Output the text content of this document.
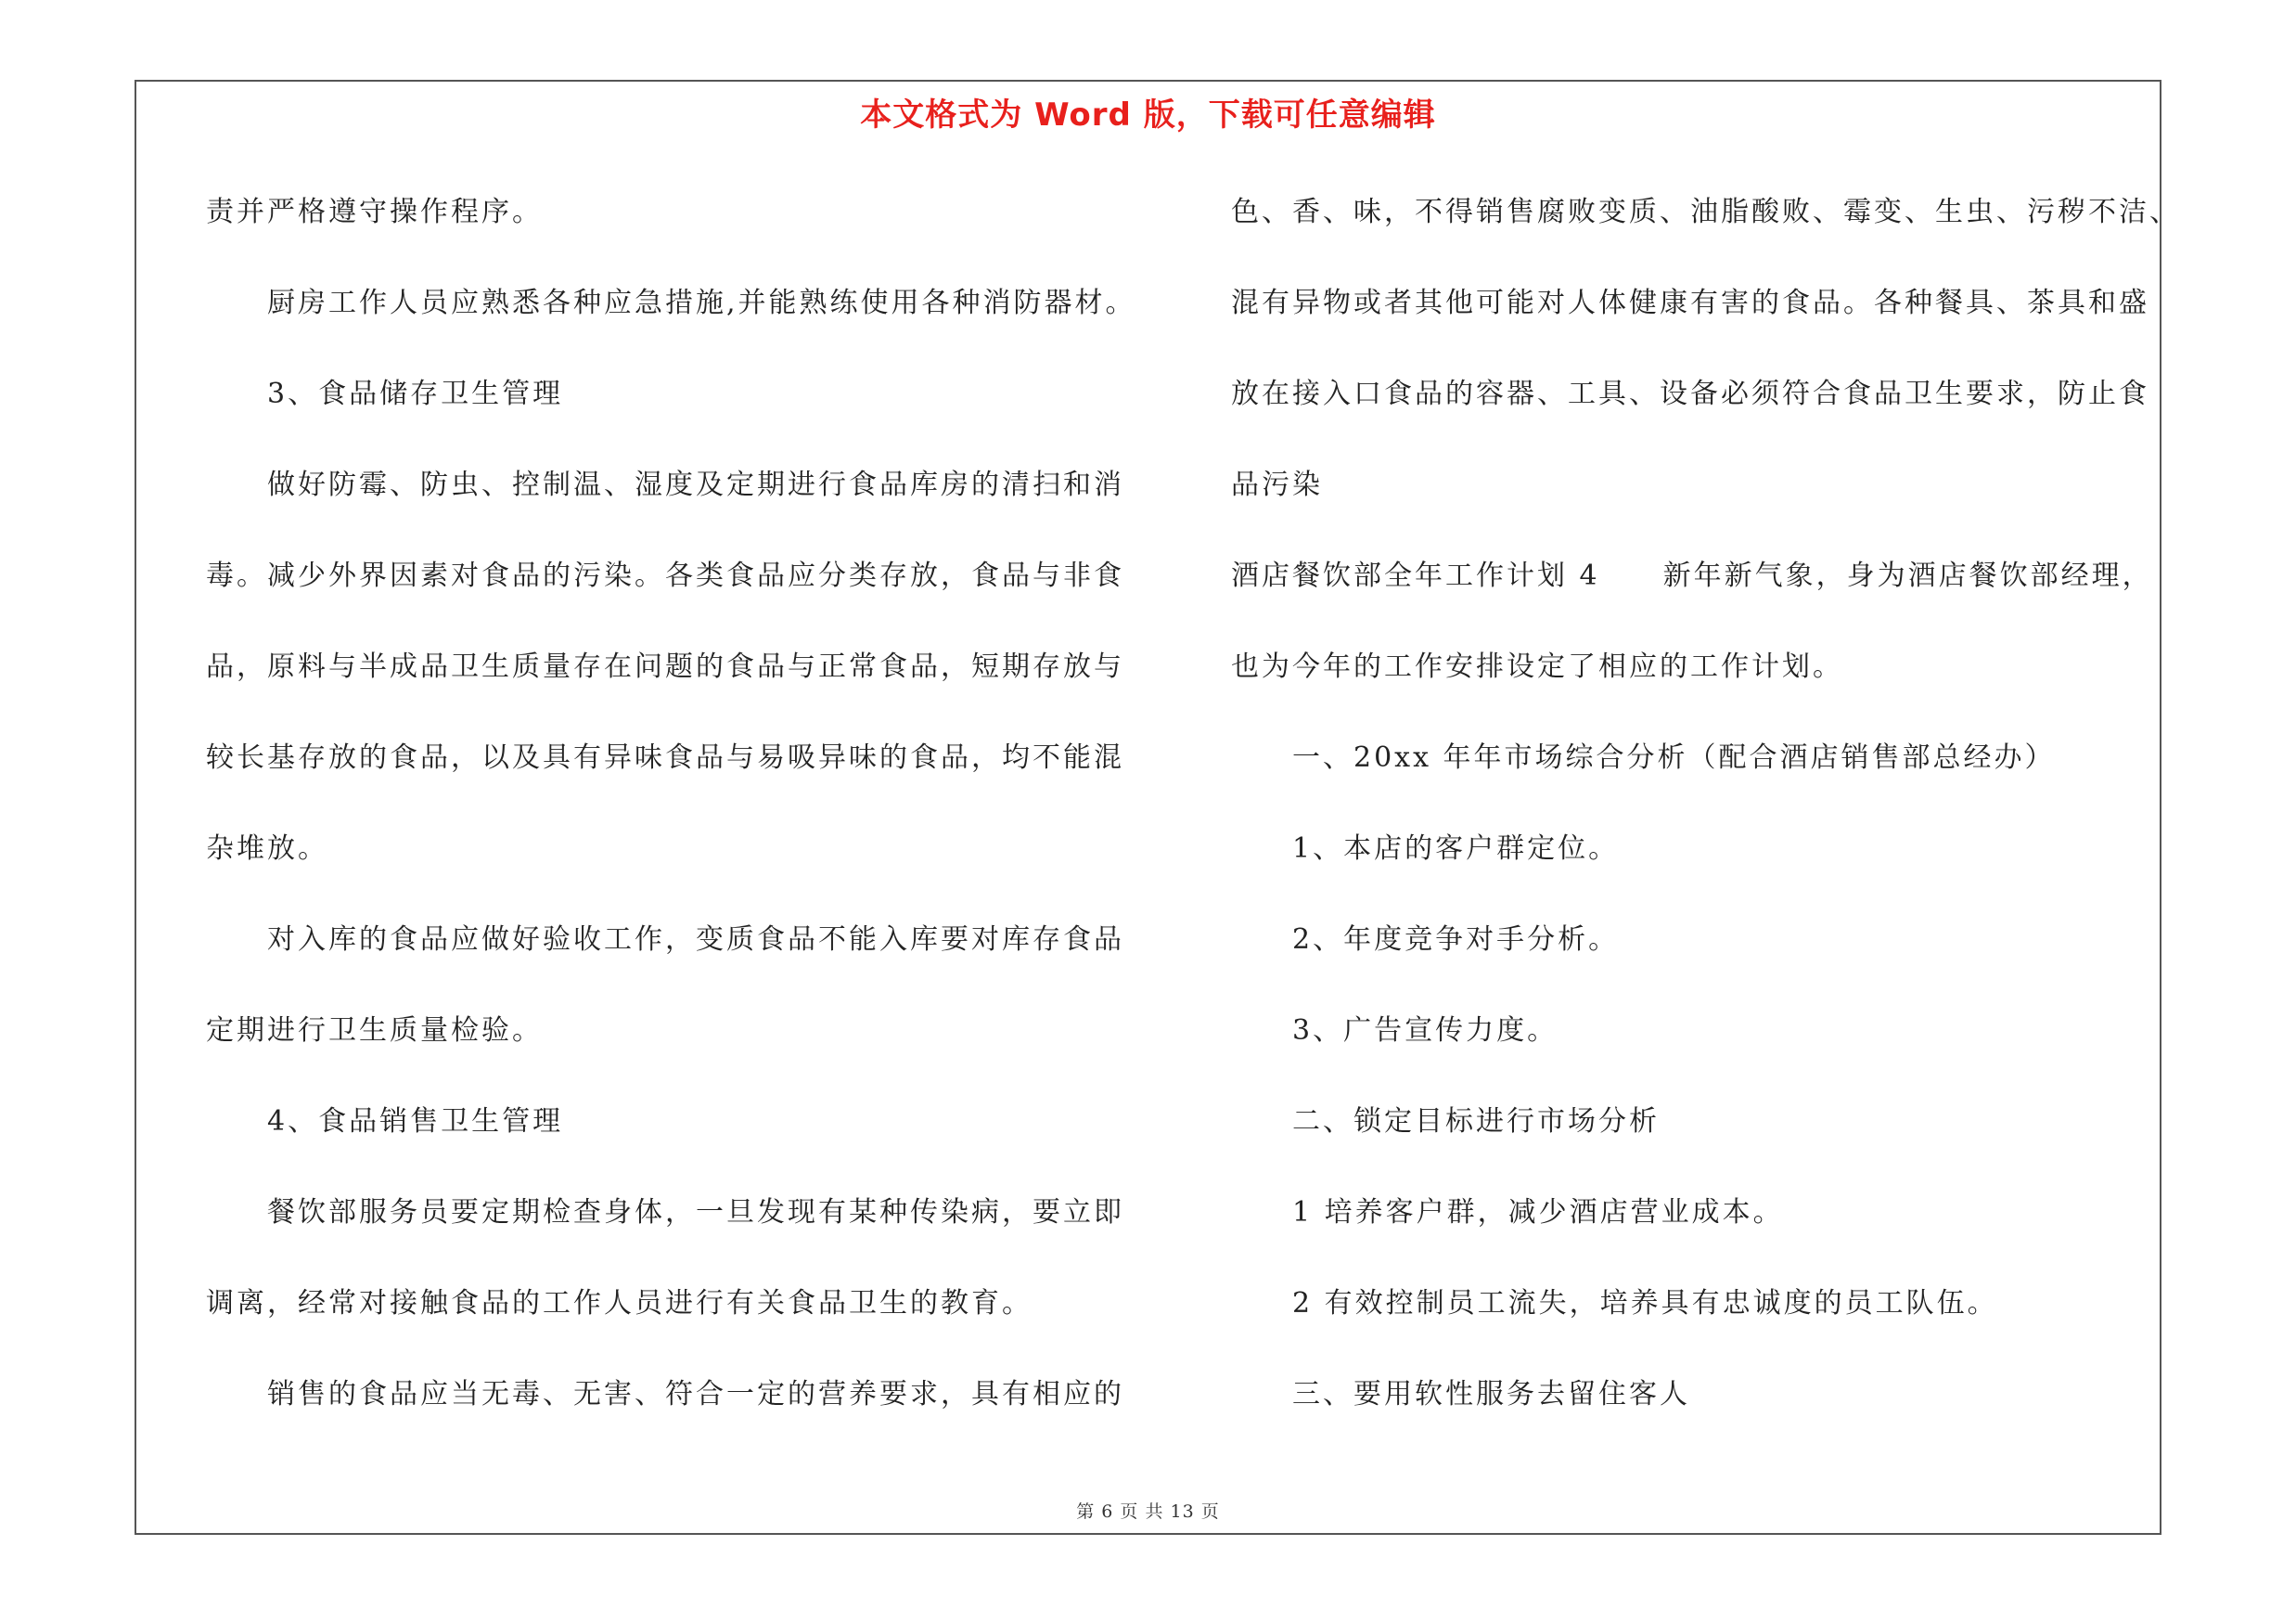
本文格式为 Word 版，下载可任意编辑
责并严格遵守操作程序。
厨房工作人员应熟悉各种应急措施,并能熟练使用各种消防器材。
3、食品储存卫生管理
做好防霉、防虫、控制温、湿度及定期进行食品库房的清扫和消
毒。减少外界因素对食品的污染。各类食品应分类存放，食品与非食
品，原料与半成品卫生质量存在问题的食品与正常食品，短期存放与
较长基存放的食品，以及具有异味食品与易吸异味的食品，均不能混
杂堆放。
对入库的食品应做好验收工作，变质食品不能入库要对库存食品
定期进行卫生质量检验。
4、食品销售卫生管理
餐饮部服务员要定期检查身体，一旦发现有某种传染病，要立即
调离，经常对接触食品的工作人员进行有关食品卫生的教育。
销售的食品应当无毒、无害、符合一定的营养要求，具有相应的
色、香、味，不得销售腐败变质、油脂酸败、霉变、生虫、污秽不洁、
混有异物或者其他可能对人体健康有害的食品。各种餐具、茶具和盛
放在接入口食品的容器、工具、设备必须符合食品卫生要求，防止食
品污染
酒店餐饮部全年工作计划 4 新年新气象，身为酒店餐饮部经理，
也为今年的工作安排设定了相应的工作计划。
一、20xx 年年市场综合分析（配合酒店销售部总经办）
1、本店的客户群定位。
2、年度竞争对手分析。
3、广告宣传力度。
二、锁定目标进行市场分析
1 培养客户群，减少酒店营业成本。
2 有效控制员工流失，培养具有忠诚度的员工队伍。
三、要用软性服务去留住客人
第 6 页 共 13 页
